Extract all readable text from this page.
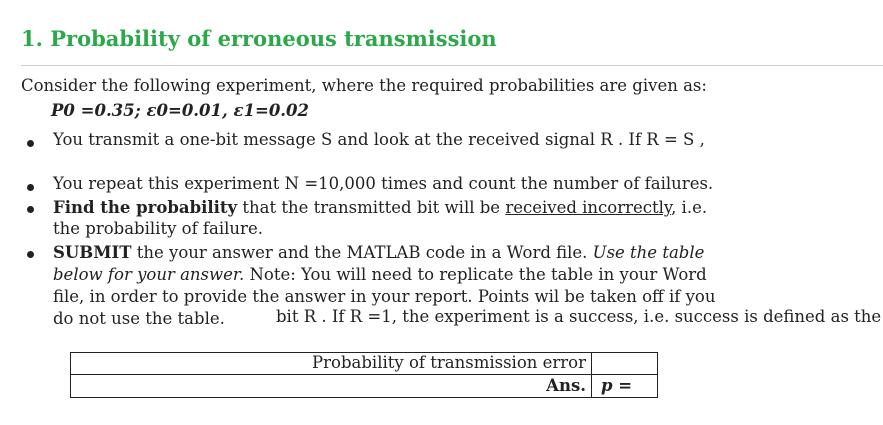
1. Probability of erroneous transmission
Consider the following experiment, where the required probabilities are given as:
P0 =0.35; ε0=0.01, ε1=0.02
You transmit a one-bit message S and look at the received signal R . If R = S ,
You repeat this experiment N =10,000 times and count the number of failures.
Find the probability that the transmitted bit will be received incorrectly, i.e.
the probability of failure.
SUBMIT the your answer and the MATLAB code in a Word file. Use the table
below for your answer. Note: You will need to replicate the table in your Word
file, in order to provide the answer in your report. Points wil be taken off if you
do not use the table.	bit R . If R =1, the experiment is a success, i.e. success is defined as the
Probability of transmission error
Ans. p =
